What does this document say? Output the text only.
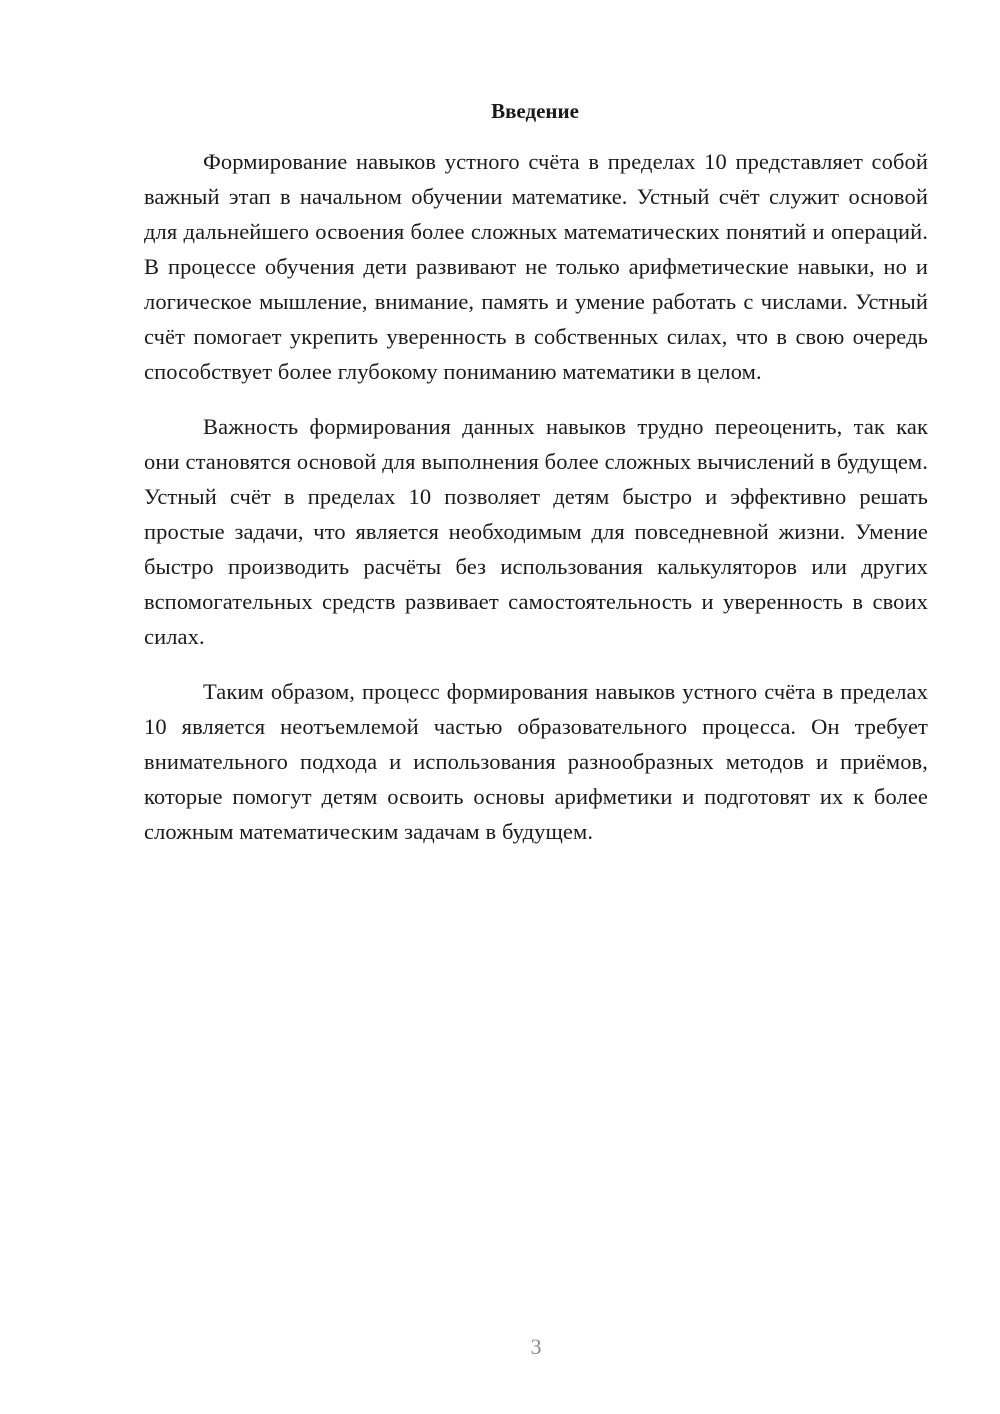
Введение

Формирование навыков устного счёта в пределах 10 представляет собой важный этап в начальном обучении математике. Устный счёт служит основой для дальнейшего освоения более сложных математических понятий и операций. В процессе обучения дети развивают не только арифметические навыки, но и логическое мышление, внимание, память и умение работать с числами. Устный счёт помогает укрепить уверенность в собственных силах, что в свою очередь способствует более глубокому пониманию математики в целом.

Важность формирования данных навыков трудно переоценить, так как они становятся основой для выполнения более сложных вычислений в будущем. Устный счёт в пределах 10 позволяет детям быстро и эффективно решать простые задачи, что является необходимым для повседневной жизни. Умение быстро производить расчёты без использования калькуляторов или других вспомогательных средств развивает самостоятельность и уверенность в своих силах.

Таким образом, процесс формирования навыков устного счёта в пределах 10 является неотъемлемой частью образовательного процесса. Он требует внимательного подхода и использования разнообразных методов и приёмов, которые помогут детям освоить основы арифметики и подготовят их к более сложным математическим задачам в будущем.

3
